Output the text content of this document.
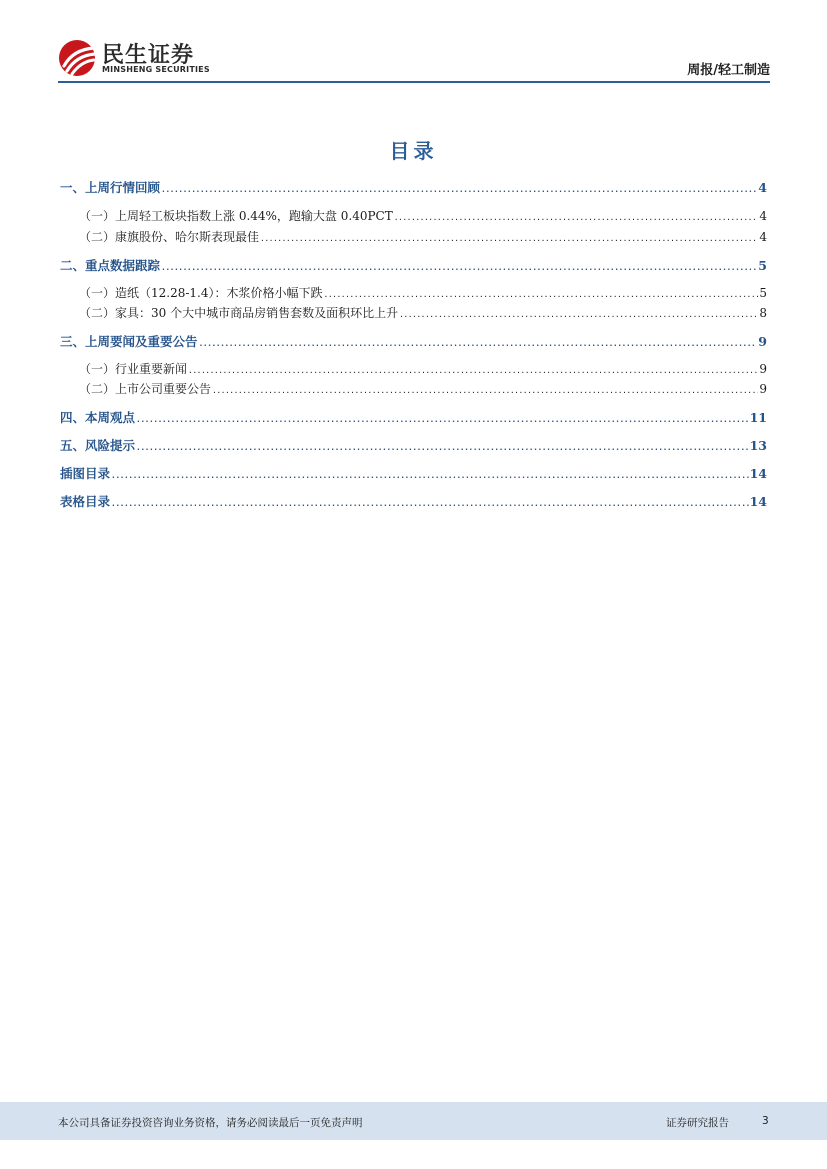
民生证券
MINSHENG SECURITIES	周报/轻工制造
目录
一、上周行情回顾 .....	4
（一）上周轻工板块指数上涨 0.44%，跑输大盘 0.40PCT .....	4
（二）康旗股份、哈尔斯表现最佳 .....	4
二、重点数据跟踪 .....	5
（一）造纸（12.28-1.4）：木浆价格小幅下跌 .....	5
（二）家具：30 个大中城市商品房销售套数及面积环比上升 .....	8
三、上周要闻及重要公告 .....	9
（一）行业重要新闻 .....	9
（二）上市公司重要公告 .....	9
四、本周观点 .....	11
五、风险提示 .....	13
插图目录 .....	14
表格目录 .....	14
本公司具备证券投资咨询业务资格，请务必阅读最后一页免责声明	证券研究报告	3
